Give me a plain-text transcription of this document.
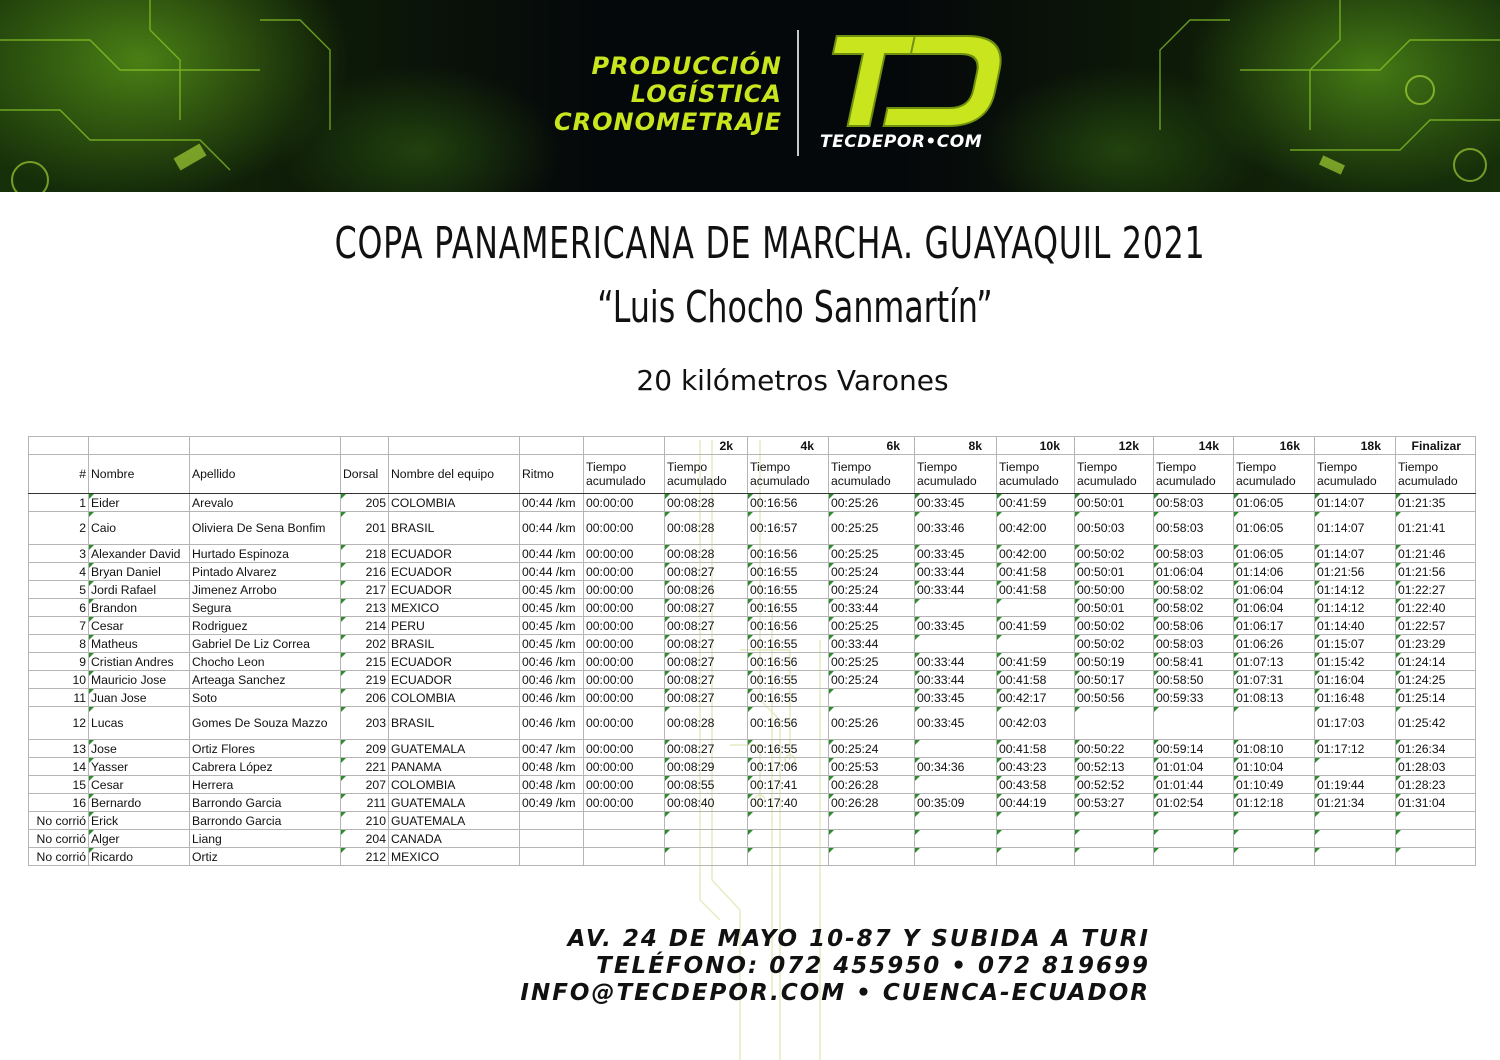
PRODUCCIÓN
LOGÍSTICA
CRONOMETRAJE
TECDEPOR•COM
COPA PANAMERICANA DE MARCHA. GUAYAQUIL 2021
“Luis Chocho Sanmartín”
20 kilómetros Varones
							2k	4k	6k	8k	10k	12k	14k	16k	18k	Finalizar
#	Nombre	Apellido	Dorsal	Nombre del equipo	Ritmo	Tiempo acumulado	Tiempo acumulado	Tiempo acumulado	Tiempo acumulado	Tiempo acumulado	Tiempo acumulado	Tiempo acumulado	Tiempo acumulado	Tiempo acumulado	Tiempo acumulado	Tiempo acumulado
1	Eider	Arevalo	205	COLOMBIA	00:44 /km	00:00:00	00:08:28	00:16:56	00:25:26	00:33:45	00:41:59	00:50:01	00:58:03	01:06:05	01:14:07	01:21:35
2	Caio	Oliviera De Sena Bonfim	201	BRASIL	00:44 /km	00:00:00	00:08:28	00:16:57	00:25:25	00:33:46	00:42:00	00:50:03	00:58:03	01:06:05	01:14:07	01:21:41
3	Alexander David	Hurtado Espinoza	218	ECUADOR	00:44 /km	00:00:00	00:08:28	00:16:56	00:25:25	00:33:45	00:42:00	00:50:02	00:58:03	01:06:05	01:14:07	01:21:46
4	Bryan Daniel	Pintado Alvarez	216	ECUADOR	00:44 /km	00:00:00	00:08:27	00:16:55	00:25:24	00:33:44	00:41:58	00:50:01	01:06:04	01:14:06	01:21:56	01:21:56
5	Jordi Rafael	Jimenez Arrobo	217	ECUADOR	00:45 /km	00:00:00	00:08:26	00:16:55	00:25:24	00:33:44	00:41:58	00:50:00	00:58:02	01:06:04	01:14:12	01:22:27
6	Brandon	Segura	213	MEXICO	00:45 /km	00:00:00	00:08:27	00:16:55	00:33:44			00:50:01	00:58:02	01:06:04	01:14:12	01:22:40
7	Cesar	Rodriguez	214	PERU	00:45 /km	00:00:00	00:08:27	00:16:56	00:25:25	00:33:45	00:41:59	00:50:02	00:58:06	01:06:17	01:14:40	01:22:57
8	Matheus	Gabriel De Liz Correa	202	BRASIL	00:45 /km	00:00:00	00:08:27	00:16:55	00:33:44			00:50:02	00:58:03	01:06:26	01:15:07	01:23:29
9	Cristian Andres	Chocho Leon	215	ECUADOR	00:46 /km	00:00:00	00:08:27	00:16:56	00:25:25	00:33:44	00:41:59	00:50:19	00:58:41	01:07:13	01:15:42	01:24:14
10	Mauricio Jose	Arteaga Sanchez	219	ECUADOR	00:46 /km	00:00:00	00:08:27	00:16:55	00:25:24	00:33:44	00:41:58	00:50:17	00:58:50	01:07:31	01:16:04	01:24:25
11	Juan Jose	Soto	206	COLOMBIA	00:46 /km	00:00:00	00:08:27	00:16:55		00:33:45	00:42:17	00:50:56	00:59:33	01:08:13	01:16:48	01:25:14
12	Lucas	Gomes De Souza Mazzo	203	BRASIL	00:46 /km	00:00:00	00:08:28	00:16:56	00:25:26	00:33:45	00:42:03				01:17:03	01:25:42
13	Jose	Ortiz Flores	209	GUATEMALA	00:47 /km	00:00:00	00:08:27	00:16:55	00:25:24		00:41:58	00:50:22	00:59:14	01:08:10	01:17:12	01:26:34
14	Yasser	Cabrera López	221	PANAMA	00:48 /km	00:00:00	00:08:29	00:17:06	00:25:53	00:34:36	00:43:23	00:52:13	01:01:04	01:10:04		01:28:03
15	Cesar	Herrera	207	COLOMBIA	00:48 /km	00:00:00	00:08:55	00:17:41	00:26:28		00:43:58	00:52:52	01:01:44	01:10:49	01:19:44	01:28:23
16	Bernardo	Barrondo Garcia	211	GUATEMALA	00:49 /km	00:00:00	00:08:40	00:17:40	00:26:28	00:35:09	00:44:19	00:53:27	01:02:54	01:12:18	01:21:34	01:31:04
No corrió	Erick	Barrondo Garcia	210	GUATEMALA												
No corrió	Alger	Liang	204	CANADA												
No corrió	Ricardo	Ortiz	212	MEXICO												
AV. 24 DE MAYO 10-87 Y SUBIDA A TURI
TELÉFONO: 072 455950 • 072 819699
INFO@TECDEPOR.COM • CUENCA-ECUADOR
